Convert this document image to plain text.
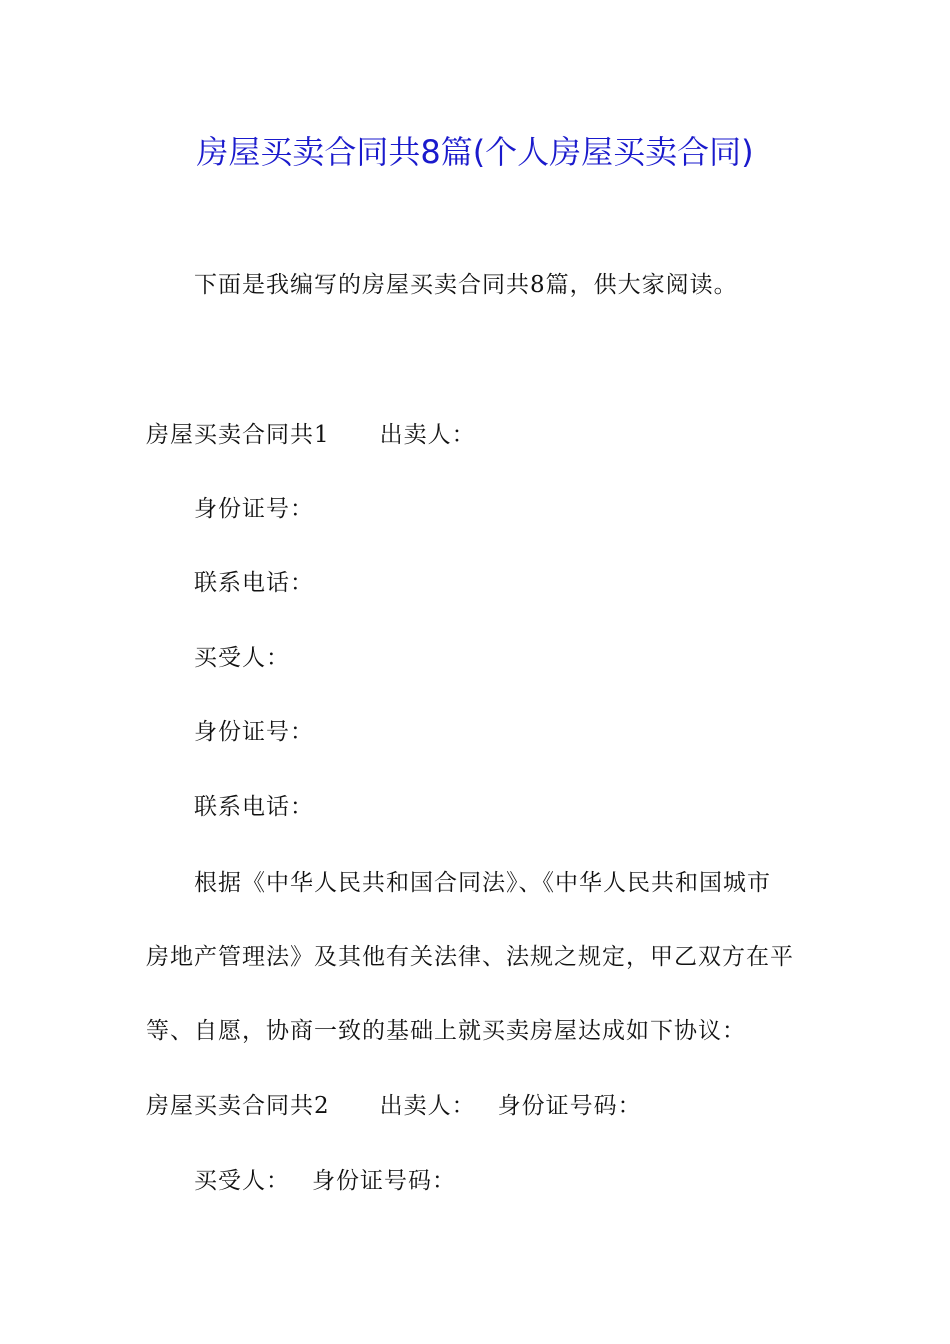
房屋买卖合同共8篇(个人房屋买卖合同)
下面是我编写的房屋买卖合同共8篇，供大家阅读。
房屋买卖合同共1 出卖人：
身份证号：
联系电话：
买受人：
身份证号：
联系电话：
根据《中华人民共和国合同法》、《中华人民共和国城市
房地产管理法》及其他有关法律、法规之规定，甲乙双方在平
等、自愿，协商一致的基础上就买卖房屋达成如下协议：
房屋买卖合同共2 出卖人： 身份证号码：
买受人： 身份证号码：
